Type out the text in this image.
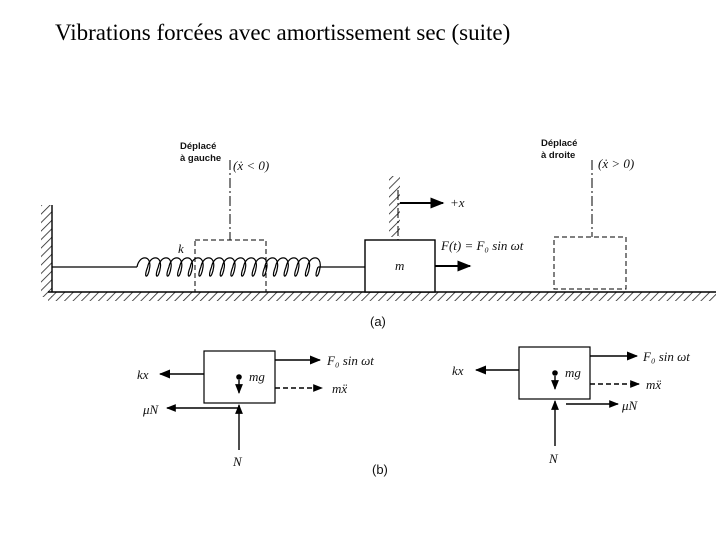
Vibrations forcées avec amortissement sec (suite)
k
Déplacé
à gauche (ẋ < 0)
m
+x
F(t) = F₀ sin ωt
Déplacé
à droite
(ẋ > 0)
(a)
mg
kx
F₀ sin ωt
mẍ
μN
N
mg
kx
F₀ sin ωt
mẍ
μN
N
(b)
